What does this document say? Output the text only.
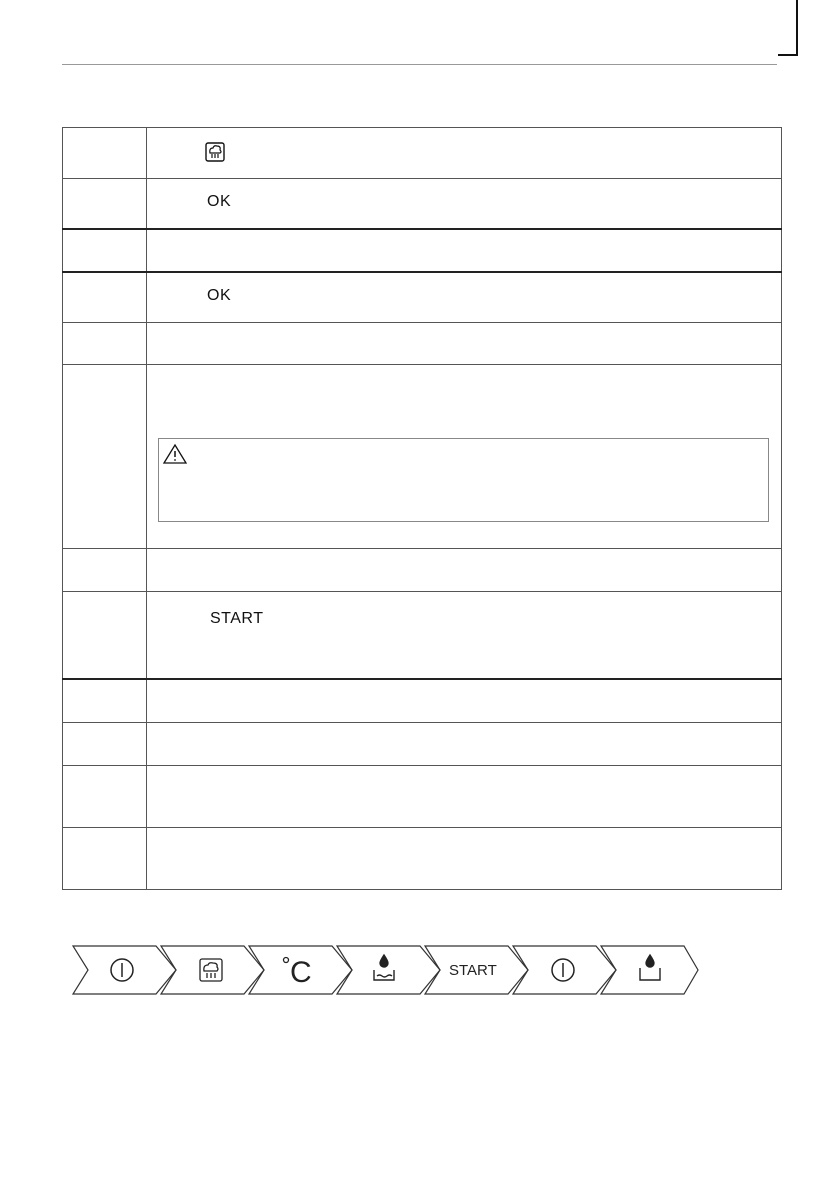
	OK

	OK

	START

C	START
